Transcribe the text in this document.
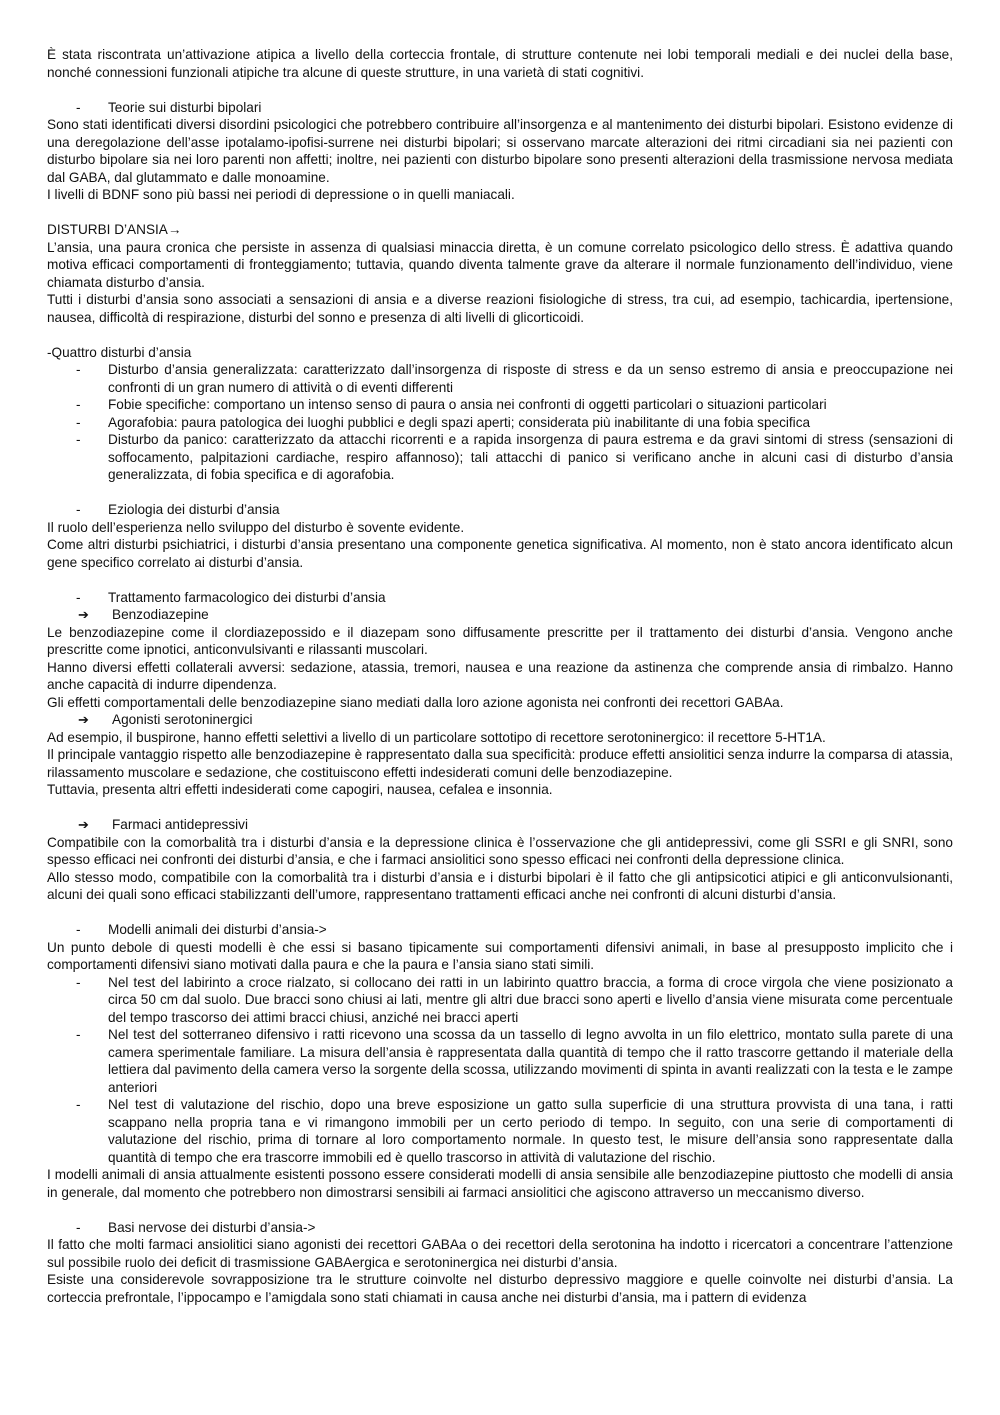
È stata riscontrata un’attivazione atipica a livello della corteccia frontale, di strutture contenute nei lobi temporali mediali e dei nuclei della base, nonché connessioni funzionali atipiche tra alcune di queste strutture, in una varietà di stati cognitivi.

-	Teorie sui disturbi bipolari

Sono stati identificati diversi disordini psicologici che potrebbero contribuire all’insorgenza e al mantenimento dei disturbi bipolari. Esistono evidenze di una deregolazione dell’asse ipotalamo-ipofisi-surrene nei disturbi bipolari; si osservano marcate alterazioni dei ritmi circadiani sia nei pazienti con disturbo bipolare sia nei loro parenti non affetti; inoltre, nei pazienti con disturbo bipolare sono presenti alterazioni della trasmissione nervosa mediata dal GABA, dal glutammato e dalle monoamine.

I livelli di BDNF sono più bassi nei periodi di depressione o in quelli maniacali.

DISTURBI D’ANSIA→

L’ansia, una paura cronica che persiste in assenza di qualsiasi minaccia diretta, è un comune correlato psicologico dello stress. È adattiva quando motiva efficaci comportamenti di fronteggiamento; tuttavia, quando diventa talmente grave da alterare il normale funzionamento dell’individuo, viene chiamata disturbo d’ansia.

Tutti i disturbi d’ansia sono associati a sensazioni di ansia e a diverse reazioni fisiologiche di stress, tra cui, ad esempio, tachicardia, ipertensione, nausea, difficoltà di respirazione, disturbi del sonno e presenza di alti livelli di glicorticoidi.

-Quattro disturbi d’ansia

- Disturbo d’ansia generalizzata: caratterizzato dall’insorgenza di risposte di stress e da un senso estremo di ansia e preoccupazione nei confronti di un gran numero di attività o di eventi differenti
- Fobie specifiche: comportano un intenso senso di paura o ansia nei confronti di oggetti particolari o situazioni particolari
- Agorafobia: paura patologica dei luoghi pubblici e degli spazi aperti; considerata più inabilitante di una fobia specifica
- Disturbo da panico: caratterizzato da attacchi ricorrenti e a rapida insorgenza di paura estrema e da gravi sintomi di stress (sensazioni di soffocamento, palpitazioni cardiache, respiro affannoso); tali attacchi di panico si verificano anche in alcuni casi di disturbo d’ansia generalizzata, di fobia specifica e di agorafobia.
-	Eziologia dei disturbi d’ansia

Il ruolo dell’esperienza nello sviluppo del disturbo è sovente evidente.

Come altri disturbi psichiatrici, i disturbi d’ansia presentano una componente genetica significativa. Al momento, non è stato ancora identificato alcun gene specifico correlato ai disturbi d’ansia.

-	Trattamento farmacologico dei disturbi d’ansia
➔ Benzodiazepine

Le benzodiazepine come il clordiazepossido e il diazepam sono diffusamente prescritte per il trattamento dei disturbi d’ansia. Vengono anche prescritte come ipnotici, anticonvulsivanti e rilassanti muscolari.

Hanno diversi effetti collaterali avversi: sedazione, atassia, tremori, nausea e una reazione da astinenza che comprende ansia di rimbalzo. Hanno anche capacità di indurre dipendenza.

Gli effetti comportamentali delle benzodiazepine siano mediati dalla loro azione agonista nei confronti dei recettori GABAa.

➔ Agonisti serotoninergici

Ad esempio, il buspirone, hanno effetti selettivi a livello di un particolare sottotipo di recettore serotoninergico: il recettore 5-HT1A.

Il principale vantaggio rispetto alle benzodiazepine è rappresentato dalla sua specificità: produce effetti ansiolitici senza indurre la comparsa di atassia, rilassamento muscolare e sedazione, che costituiscono effetti indesiderati comuni delle benzodiazepine.

Tuttavia, presenta altri effetti indesiderati come capogiri, nausea, cefalea e insonnia.

➔ Farmaci antidepressivi

Compatibile con la comorbalità tra i disturbi d’ansia e la depressione clinica è l’osservazione che gli antidepressivi, come gli SSRI e gli SNRI, sono spesso efficaci nei confronti dei disturbi d’ansia, e che i farmaci ansiolitici sono spesso efficaci nei confronti della depressione clinica.

Allo stesso modo, compatibile con la comorbalità tra i disturbi d’ansia e i disturbi bipolari è il fatto che gli antipsicotici atipici e gli anticonvulsionanti, alcuni dei quali sono efficaci stabilizzanti dell’umore, rappresentano trattamenti efficaci anche nei confronti di alcuni disturbi d’ansia.

-	Modelli animali dei disturbi d’ansia->

Un punto debole di questi modelli è che essi si basano tipicamente sui comportamenti difensivi animali, in base al presupposto implicito che i comportamenti difensivi siano motivati dalla paura e che la paura e l’ansia siano stati simili.

- Nel test del labirinto a croce rialzato, si collocano dei ratti in un labirinto quattro braccia, a forma di croce virgola che viene posizionato a circa 50 cm dal suolo. Due bracci sono chiusi ai lati, mentre gli altri due bracci sono aperti e livello d’ansia viene misurata come percentuale del tempo trascorso dei attimi bracci chiusi, anziché nei bracci aperti
- Nel test del sotterraneo difensivo i ratti ricevono una scossa da un tassello di legno avvolta in un filo elettrico, montato sulla parete di una camera sperimentale familiare. La misura dell’ansia è rappresentata dalla quantità di tempo che il ratto trascorre gettando il materiale della lettiera dal pavimento della camera verso la sorgente della scossa, utilizzando movimenti di spinta in avanti realizzati con la testa e le zampe anteriori
- Nel test di valutazione del rischio, dopo una breve esposizione un gatto sulla superficie di una struttura provvista di una tana, i ratti scappano nella propria tana e vi rimangono immobili per un certo periodo di tempo. In seguito, con una serie di comportamenti di valutazione del rischio, prima di tornare al loro comportamento normale. In questo test, le misure dell’ansia sono rappresentate dalla quantità di tempo che era trascorre immobili ed è quello trascorso in attività di valutazione del rischio.

I modelli animali di ansia attualmente esistenti possono essere considerati modelli di ansia sensibile alle benzodiazepine piuttosto che modelli di ansia in generale, dal momento che potrebbero non dimostrarsi sensibili ai farmaci ansiolitici che agiscono attraverso un meccanismo diverso.

-	Basi nervose dei disturbi d’ansia->

Il fatto che molti farmaci ansiolitici siano agonisti dei recettori GABAa o dei recettori della serotonina ha indotto i ricercatori a concentrare l’attenzione sul possibile ruolo dei deficit di trasmissione GABAergica e serotoninergica nei disturbi d’ansia.

Esiste una considerevole sovrapposizione tra le strutture coinvolte nel disturbo depressivo maggiore e quelle coinvolte nei disturbi d’ansia. La corteccia prefrontale, l’ippocampo e l’amigdala sono stati chiamati in causa anche nei disturbi d’ansia, ma i pattern di evidenza
